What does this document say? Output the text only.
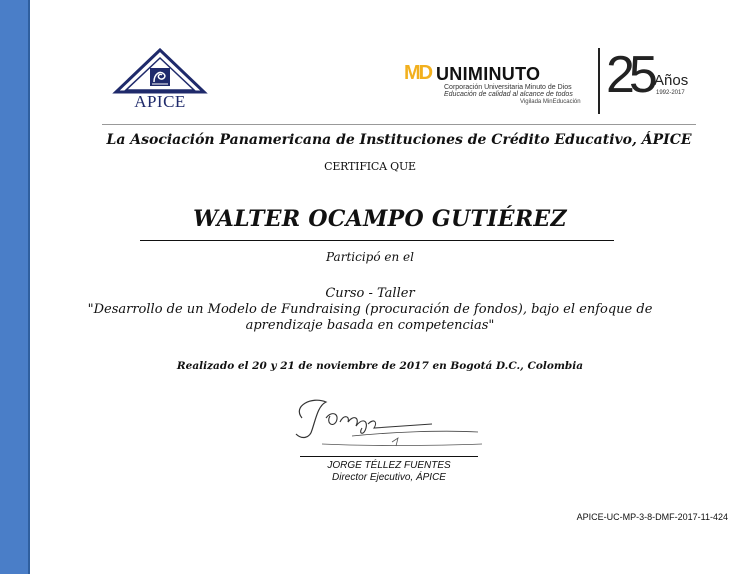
APICE
MD UNIMINUTO
Corporación Universitaria Minuto de Dios
Educación de calidad al alcance de todos
Vigilada MinEducación 25 Años
1992-2017
La Asociación Panamericana de Instituciones de Crédito Educativo, ÁPICE
CERTIFICA QUE
WALTER OCAMPO GUTIÉREZ
Participó en el
Curso - Taller
"Desarrollo de un Modelo de Fundraising (procuración de fondos), bajo el enfoque de
aprendizaje basada en competencias"
Realizado el 20 y 21 de noviembre de 2017 en Bogotá D.C., Colombia
JORGE TÉLLEZ FUENTES
Director Ejecutivo, ÁPICE
APICE-UC-MP-3-8-DMF-2017-11-424
